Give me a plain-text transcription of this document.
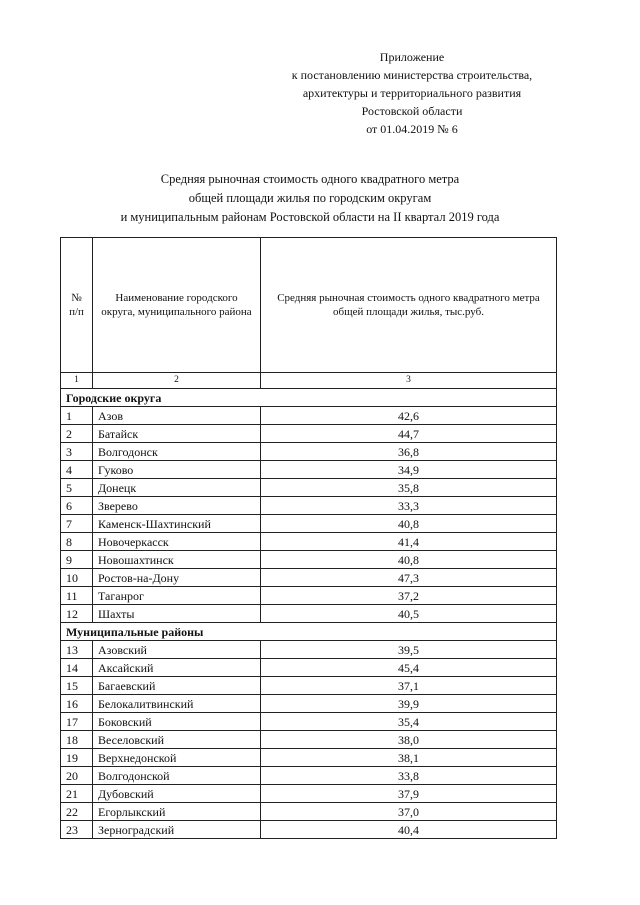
Приложение
к постановлению министерства строительства,
архитектуры и территориального развития
Ростовской области
от 01.04.2019 № 6
Средняя рыночная стоимость одного квадратного метра
общей площади жилья по городским округам
и муниципальным районам Ростовской области на II квартал 2019 года
№ п/п	Наименование городского округа, муниципального района	Средняя рыночная стоимость одного квадратного метра общей площади жилья, тыс.руб.
1	2	3
Городские округа		
1	Азов	42,6
2	Батайск	44,7
3	Волгодонск	36,8
4	Гуково	34,9
5	Донецк	35,8
6	Зверево	33,3
7	Каменск-Шахтинский	40,8
8	Новочеркасск	41,4
9	Новошахтинск	40,8
10	Ростов-на-Дону	47,3
11	Таганрог	37,2
12	Шахты	40,5
Муниципальные районы		
13	Азовский	39,5
14	Аксайский	45,4
15	Багаевский	37,1
16	Белокалитвинский	39,9
17	Боковский	35,4
18	Веселовский	38,0
19	Верхнедонской	38,1
20	Волгодонской	33,8
21	Дубовский	37,9
22	Егорлыкский	37,0
23	Зерноградский	40,4
